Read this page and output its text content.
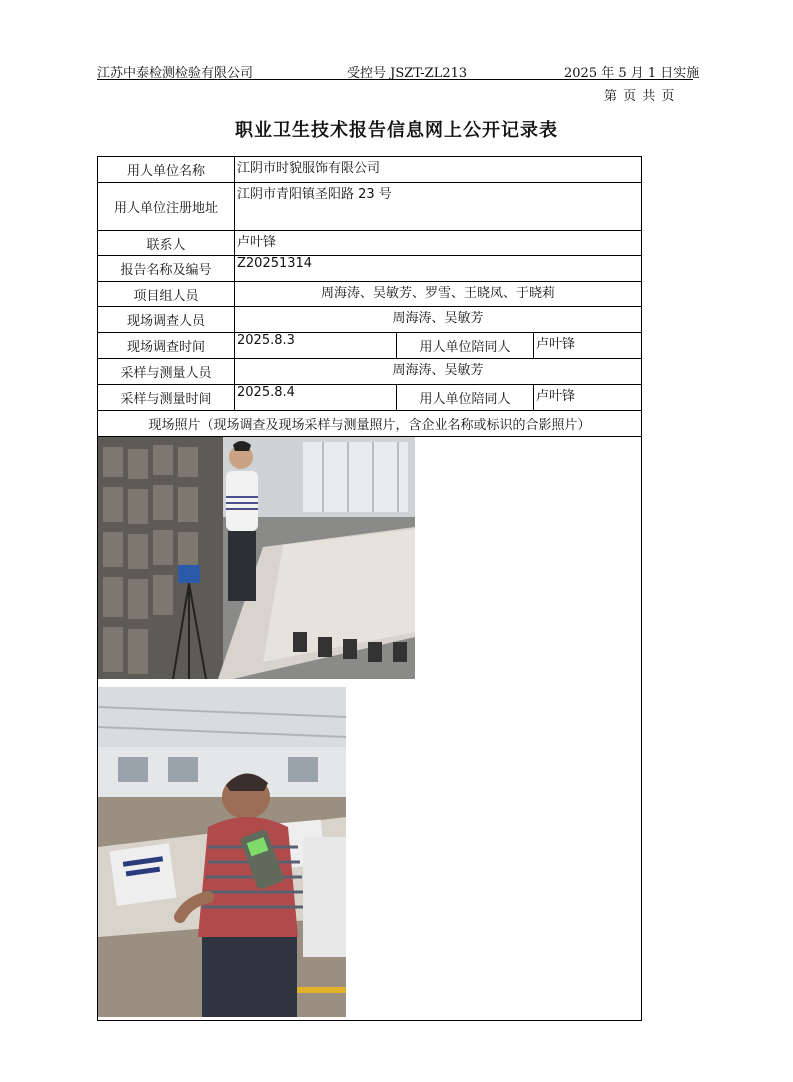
江苏中泰检测检验有限公司	受控号 JSZT-ZL213	2025 年 5 月 1 日实施
第 页 共 页
职业卫生技术报告信息网上公开记录表
用人单位名称	江阴市时貌服饰有限公司		
用人单位注册地址	江阴市青阳镇圣阳路 23 号		
联系人	卢叶锋		
报告名称及编号	Z20251314		
项目组人员	周海涛、吴敏芳、罗雪、王晓凤、于晓莉		
现场调查人员	周海涛、吴敏芳		
现场调查时间	2025.8.3	用人单位陪同人	卢叶锋
采样与测量人员	周海涛、吴敏芳		
采样与测量时间	2025.8.4	用人单位陪同人	卢叶锋
现场照片（现场调查及现场采样与测量照片，含企业名称或标识的合影照片）			
